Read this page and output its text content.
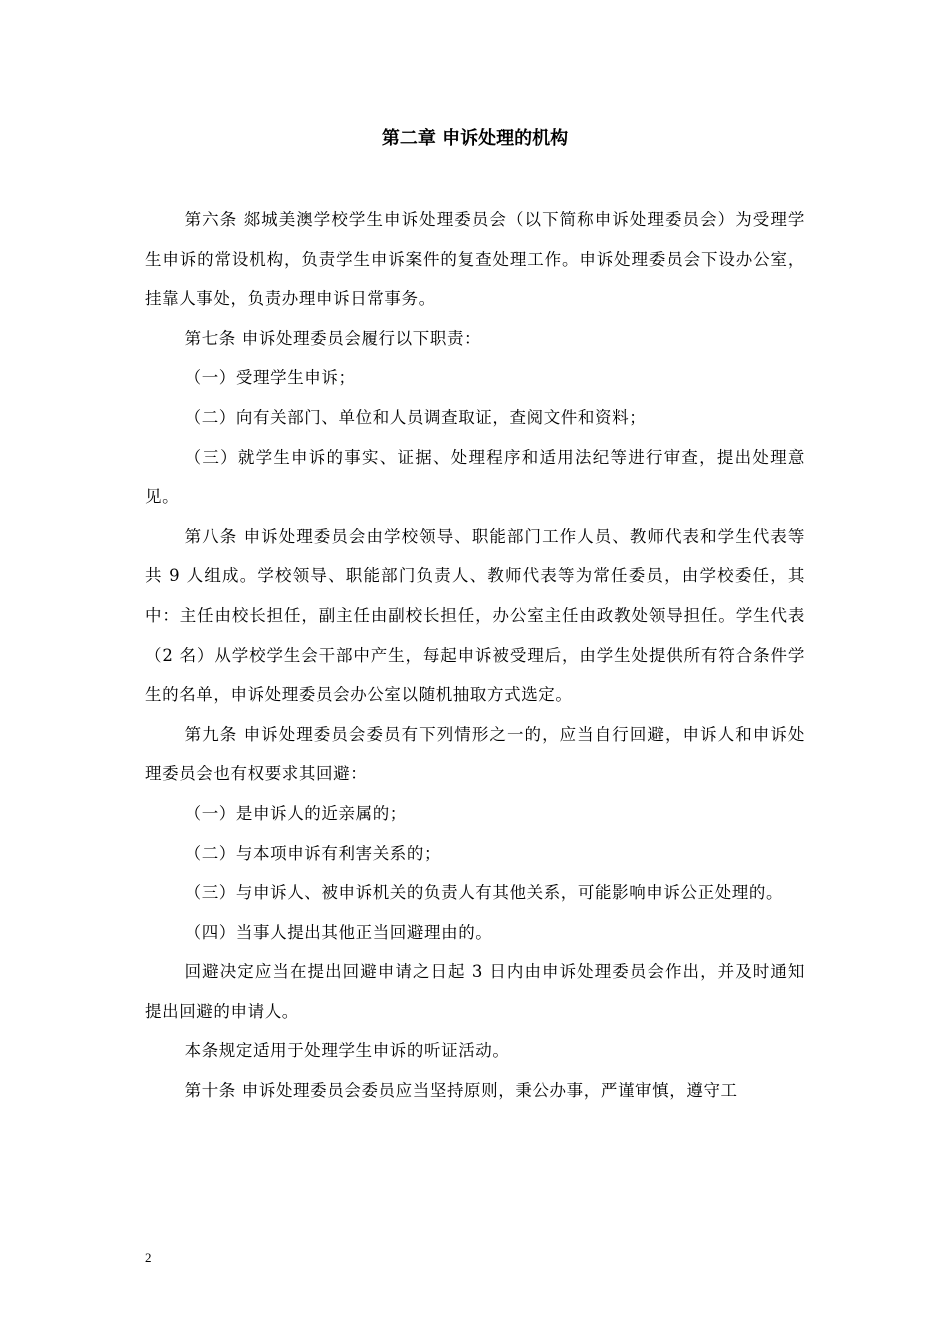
第二章 申诉处理的机构

第六条 郯城美澳学校学生申诉处理委员会（以下简称申诉处理委员会）为受理学生申诉的常设机构，负责学生申诉案件的复查处理工作。申诉处理委员会下设办公室，挂靠人事处，负责办理申诉日常事务。

第七条 申诉处理委员会履行以下职责：

（一）受理学生申诉；

（二）向有关部门、单位和人员调查取证，查阅文件和资料；

（三）就学生申诉的事实、证据、处理程序和适用法纪等进行审查，提出处理意见。

第八条 申诉处理委员会由学校领导、职能部门工作人员、教师代表和学生代表等共 9 人组成。学校领导、职能部门负责人、教师代表等为常任委员，由学校委任，其中：主任由校长担任，副主任由副校长担任，办公室主任由政教处领导担任。学生代表（2 名）从学校学生会干部中产生，每起申诉被受理后，由学生处提供所有符合条件学生的名单，申诉处理委员会办公室以随机抽取方式选定。

第九条 申诉处理委员会委员有下列情形之一的，应当自行回避，申诉人和申诉处理委员会也有权要求其回避：

（一）是申诉人的近亲属的；

（二）与本项申诉有利害关系的；

（三）与申诉人、被申诉机关的负责人有其他关系，可能影响申诉公正处理的。

（四）当事人提出其他正当回避理由的。

回避决定应当在提出回避申请之日起 3 日内由申诉处理委员会作出，并及时通知提出回避的申请人。

本条规定适用于处理学生申诉的听证活动。

第十条 申诉处理委员会委员应当坚持原则，秉公办事，严谨审慎，遵守工

2
